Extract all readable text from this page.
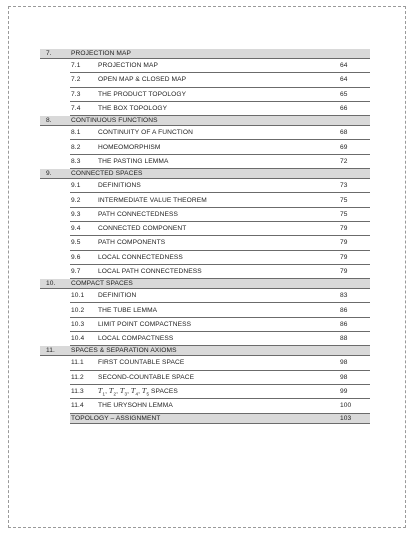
7.	PROJECTION MAP		
	7.1	PROJECTION MAP	64
	7.2	OPEN MAP & CLOSED MAP	64
	7.3	THE PRODUCT TOPOLOGY	65
	7.4	THE BOX TOPOLOGY	66
8.	CONTINUOUS FUNCTIONS		
	8.1	CONTINUITY OF A FUNCTION	68
	8.2	HOMEOMORPHISM	69
	8.3	THE PASTING LEMMA	72
9.	CONNECTED SPACES		
	9.1	DEFINITIONS	73
	9.2	INTERMEDIATE VALUE THEOREM	75
	9.3	PATH CONNECTEDNESS	75
	9.4	CONNECTED COMPONENT	79
	9.5	PATH COMPONENTS	79
	9.6	LOCAL CONNECTEDNESS	79
	9.7	LOCAL PATH CONNECTEDNESS	79
10.	COMPACT SPACES		
	10.1	DEFINITION	83
	10.2	THE TUBE LEMMA	86
	10.3	LIMIT POINT COMPACTNESS	86
	10.4	LOCAL COMPACTNESS	88
11.	SPACES & SEPARATION AXIOMS		
	11.1	FIRST COUNTABLE SPACE	98
	11.2	SECOND-COUNTABLE SPACE	98
	11.3	$T_1$, $T_2$, $T_3$, $T_4$, $T_5$ SPACES	99
	11.4	THE URYSOHN LEMMA	100
	TOPOLOGY – ASSIGNMENT		103
